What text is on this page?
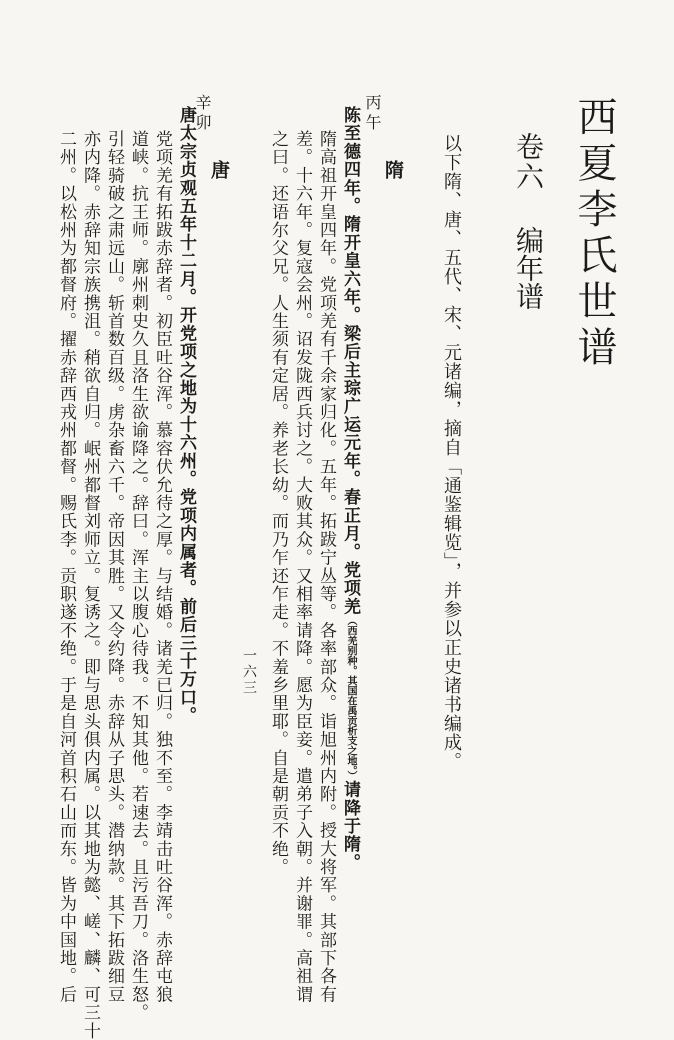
西夏李氏世谱
卷六编年谱
以下隋、唐、五代、宋、元诸编，摘自「通鉴辑览」，并参以正史诸书编成。
丙午
隋
陈至德四年。隋开皇六年。梁后主琮广运元年。春正月。党项羌（西羌别种。其国在禹贡析支之地。）请降于隋。
隋高祖开皇四年。党项羌有千余家归化。五年。拓跋宁丛等。各率部众。诣旭州内附。授大将军。其部下各有
差。十六年。复寇会州。诏发陇西兵讨之。大败其众。又相率请降。愿为臣妾。遣弟子入朝。并谢罪。高祖谓
之曰。还语尔父兄。人生须有定居。养老长幼。而乃乍还乍走。不羞乡里耶。自是朝贡不绝。
辛卯
唐
唐太宗贞观五年十二月。开党项之地为十六州。党项内属者。前后三十万口。
党项羌有拓跋赤辞者。初臣吐谷浑。慕容伏允待之厚。与结婚。诸羌已归。独不至。李靖击吐谷浑。赤辞屯狼
道峡。抗王师。廓州刺史久且洛生欲谕降之。辞曰。浑主以腹心待我。不知其他。若速去。且污吾刀。洛生怒。
引轻骑破之肃远山。斩首数百级。虏杂畜六千。帝因其胜。又令约降。赤辞从子思头。潜纳款。其下拓跋细豆
亦内降。赤辞知宗族携沮。稍欲自归。岷州都督刘师立。复诱之。即与思头俱内属。以其地为懿、嵯、麟、可三十
二州。以松州为都督府。擢赤辞西戎州都督。赐氏李。贡职遂不绝。于是自河首积石山而东。皆为中国地。后	一六三
